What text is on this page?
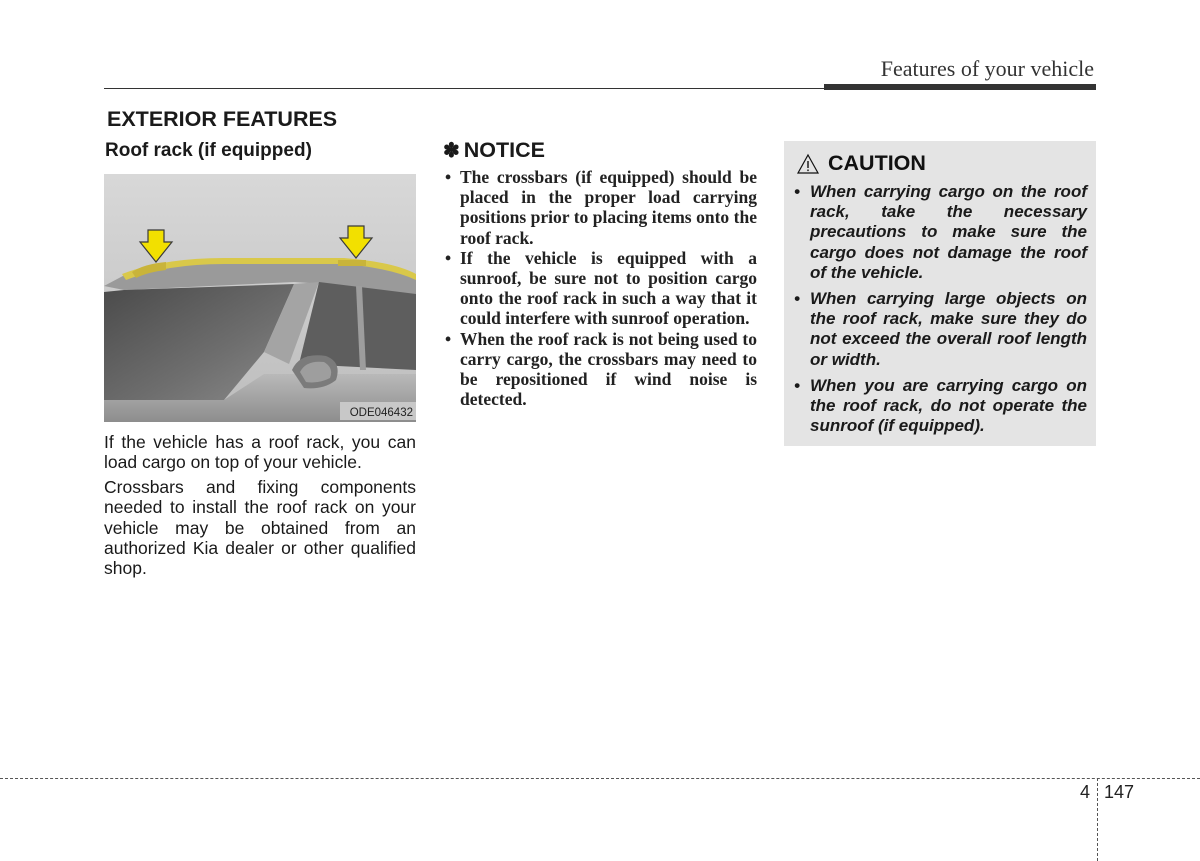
Features of your vehicle
EXTERIOR FEATURES
Roof rack (if equipped)
ODE046432
If the vehicle has a roof rack, you can load cargo on top of your vehicle.
Crossbars and fixing components needed to install the roof rack on your vehicle may be obtained from an authorized Kia dealer or other qualified shop.
✽ NOTICE
• The crossbars (if equipped) should be placed in the proper load carrying positions prior to placing items onto the roof rack.
• If the vehicle is equipped with a sunroof, be sure not to position cargo onto the roof rack in such a way that it could interfere with sunroof operation.
• When the roof rack is not being used to carry cargo, the crossbars may need to be repositioned if wind noise is detected.
CAUTION
• When carrying cargo on the roof rack, take the necessary precautions to make sure the cargo does not damage the roof of the vehicle.
• When carrying large objects on the roof rack, make sure they do not exceed the overall roof length or width.
• When you are carrying cargo on the roof rack, do not operate the sunroof (if equipped).
4 147
